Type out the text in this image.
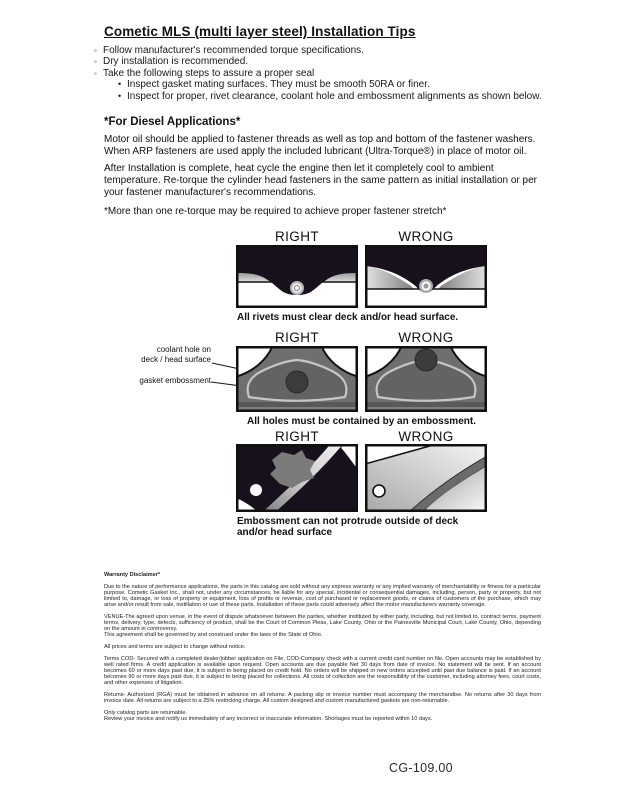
Cometic MLS (multi layer steel) Installation Tips
◦ Follow manufacturer's recommended torque specifications.
◦ Dry installation is recommended.
◦ Take the following steps to assure a proper seal
• Inspect gasket mating surfaces. They must be smooth 50RA or finer.
• Inspect for proper, rivet clearance, coolant hole and embossment alignments as shown below.
*For Diesel Applications*
Motor oil should be applied to fastener threads as well as top and bottom of the fastener washers. When ARP fasteners are used apply the included lubricant (Ultra-Torque®) in place of motor oil.
After Installation is complete, heat cycle the engine then let it completely cool to ambient temperature. Re-torque the cylinder head fasteners in the same pattern as initial installation or per your fastener manufacturer's recommendations.
*More than one re-torque may be required to achieve proper fastener stretch*
RIGHT	WRONG
All rivets must clear deck and/or head surface.
RIGHT	WRONG
coolant hole on
deck / head surface
gasket embossment
All holes must be contained by an embossment.
RIGHT	WRONG
Embossment can not protrude outside of deck
and/or head surface
Warranty Disclaimer*

Due to the nature of performance applications, the parts in this catalog are sold without any express warranty or any implied warranty of merchantability or fitness for a particular purpose. Cometic Gasket Inc., shall not, under any circumstances, be liable for any special, incidental or consequential damages, including, person, party or property, but not limited to, damage, or loss of property or equipment, loss of profits or revenue, cost of purchased or replacement goods, or claims of customers of the purchase, which may arise and/or result from sale, instillation or use of these parts. Installation of these parts could adversely affect the motor manufacturers warranty coverage.

VENUE-The agreed upon venue, in the event of dispute whatsoever between the parties, whether instituted by either party, including, but not limited to, contract terms, payment terms, delivery, type, defects, sufficiency of product, shall be the Court of Common Pleas, Lake County, Ohio or the Painesville Municipal Court, Lake County, Ohio, depending on the amount in controversy.

This agreement shall be governed by and construed under the laws of the State of Ohio.

All prices and terms are subject to change without notice.

Terms COD- Secured with a completed dealer/jobber application on File, COD-Company check with a current credit card number on file. Open accounts may be established by well rated firms. A credit application is available upon request. Open accounts are due payable Net 30 days from date of invoice. No statement will be sent. If an account becomes 60 or more days past due, it is subject to being placed on credit hold. No orders will be shipped or new orders accepted until past due balance is paid. If an account becomes 90 or more days past due, it is subject to being placed for collections. All costs of collection are the responsibility of the customer, including attorney fees, court costs, and other expenses of litigation.

Returns- Authorized (RGA) must be obtained in advance on all returns. A packing slip or invoice number must accompany the merchandise. No returns after 30 days from invoice date. All returns are subject to a 25% restocking charge. All custom designed and custom manufactured gaskets are non-returnable.

Only catalog parts are returnable.

Review your invoice and notify us immediately of any incorrect or inaccurate information. Shortages must be reported within 10 days.

CG-109.00
